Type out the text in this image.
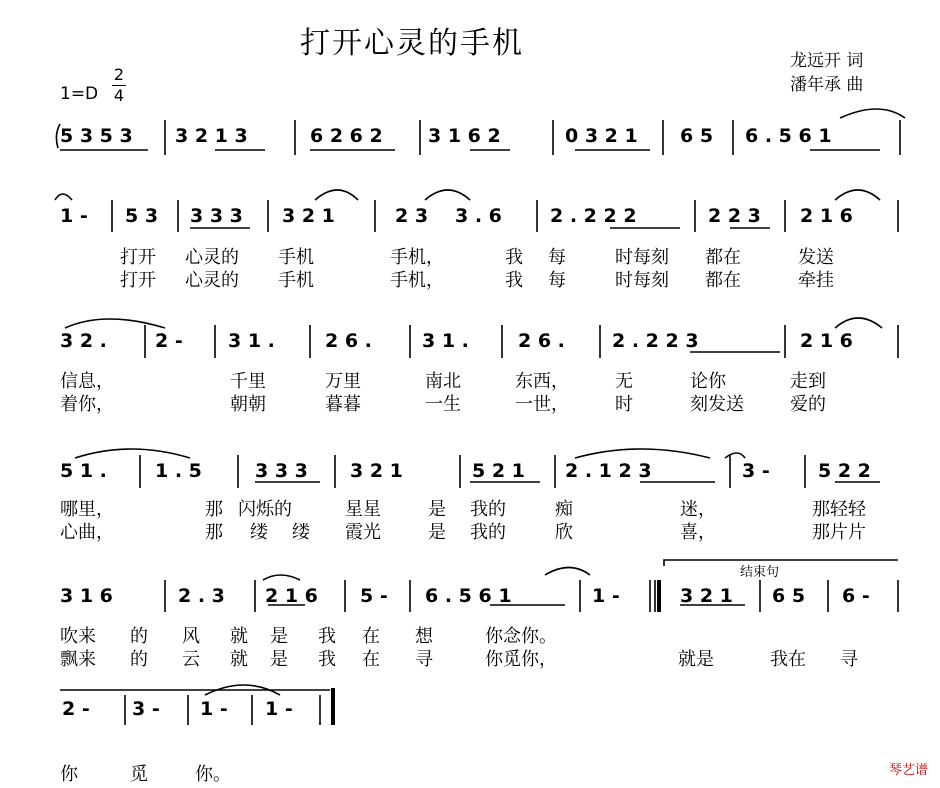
打开心灵的手机	龙远开 词
潘年承 曲
1=D
2
4
5 3 5 3 3 2 1 3	6 2 6 2 3 1 6 2	0 3 2 1 6 5 6 . 5 6 1
1 - 5 3 3 3 3 3 2 1	2 3 3 . 6	2 . 2 2 2	2 2 3 2 1 6
3 2 .	2 - 3 1 .	2 6 .	3 1 .	2 6 . 2 . 2 2 3	2 1 6
5 1 .	1 . 5	3 3 3 3 2 1	5 2 1 2 . 1 2 3	3 -	5 2 2
3 1 6	2 . 3 2 1 6 5 - 6 . 5 6 1	1 -	3 2 1 6 5 6 -
结束句
2 - 3 - 1 - 1 -
打开 心灵的 手机	手机，	我 每	时每刻 都在	发送
打开 心灵的 手机	手机，	我 每	时每刻 都在	牵挂
信息，	千里	万里	南北	东西，	无	论你	走到
着你，	朝朝	暮暮	一生	一世，	时	刻发送	爱的
哪里，	那 闪烁的	星星	是 我的	痴	迷，	那轻轻
心曲，	那 缕 缕 霞光	是 我的	欣	喜，	那片片
吹来 的 风 就 是 我 在 想	你念你。
飘来 的 云 就 是 我 在 寻	你觅你，	就是	我在 寻
你	觅	你。	琴艺谱
